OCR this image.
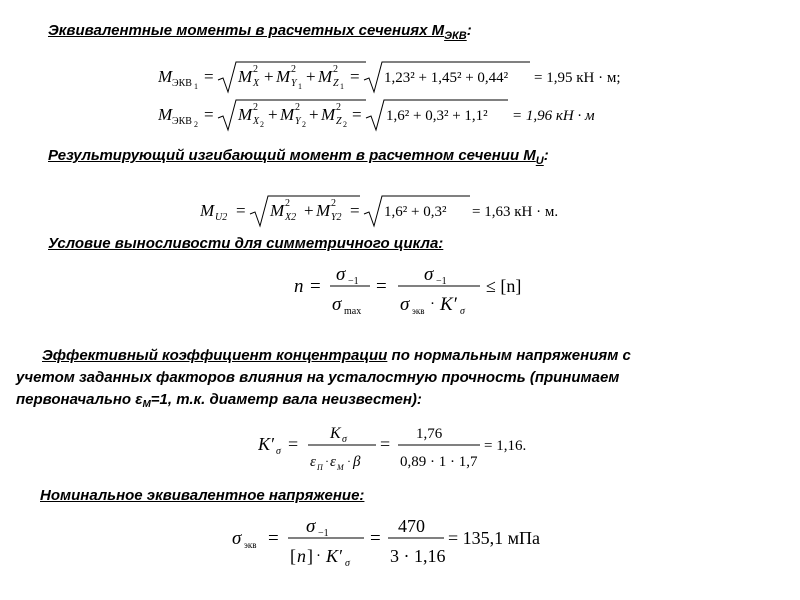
Эквивалентные моменты в расчетных сечениях $М_{ЭКВ}$:
M ЭКВ 1
= M X
2 + M Y 1
2 + M Z 1
2 = 1,23² + 1,45² + 0,44² = 1,95 кН · м;
M ЭКВ 2
= M X 2
2 + M Y 2
2 + M Z 2
2 = 1,6² + 0,3² + 1,1² = 1,96 кН · м
Результирующий изгибающий момент в расчетном сечении $М_U$:
M U2 = M X2
2 + M Y2
2 = 1,6² + 0,3² = 1,63 кН · м.
Условие выносливости для симметричного цикла:
n =
σ −1
σ max
=
σ −1
σ экв · K′ σ
≤ [n]
Эффективный коэффициент концентрации по нормальным напряжениям с
учетом заданных факторов влияния на усталостную прочность (принимаем
первоначально $\varepsilon_М=1$, т.к. диаметр вала неизвестен):
K′ σ =
K σ
ε П · ε М · β
= 1,76
0,89 · 1 · 1,7
= 1,16.
Номинальное эквивалентное напряжение:
σ экв =
σ −1
[ n ] · K′ σ
=
470
3 · 1,16
= 135,1 мПа
